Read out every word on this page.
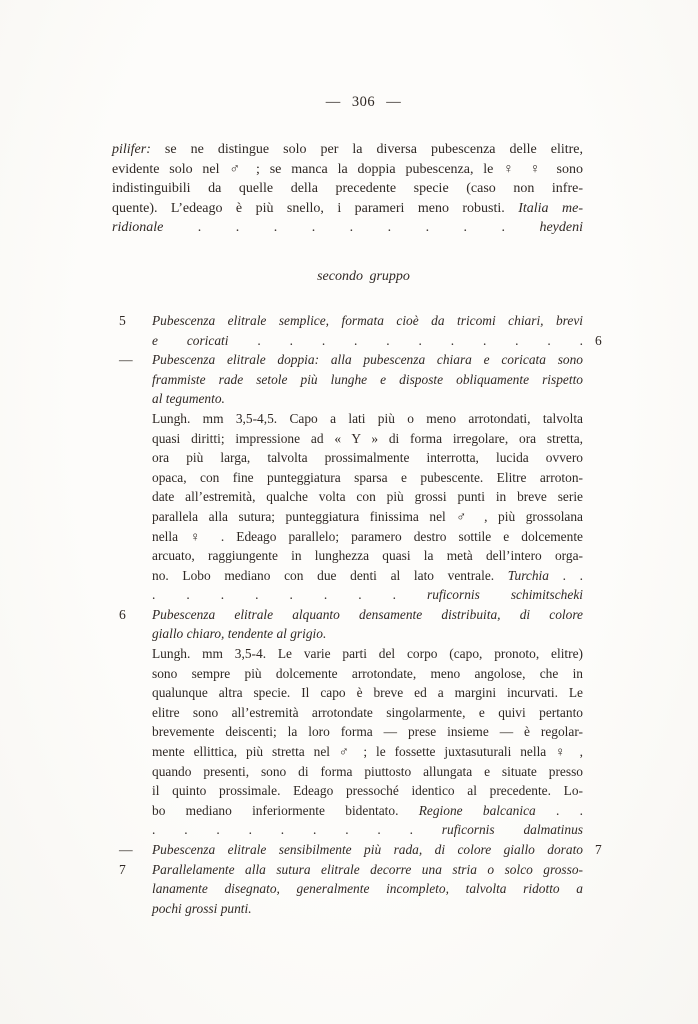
— 306 —
pilifer: se ne distingue solo per la diversa pubescenza delle elitre,
evidente solo nel ♂ ; se manca la doppia pubescenza, le ♀ ♀ sono
indistinguibili da quelle della precedente specie (caso non infre-
quente). L’edeago è più snello, i parameri meno robusti. Italia me-
ridionale . . . . . . . . . heydeni
secondo gruppo
5	Pubescenza elitrale semplice, formata cioè da tricomi chiari, brevi
e coricati . . . . . . . . . . . 6
—	Pubescenza elitrale doppia: alla pubescenza chiara e coricata sono
frammiste rade setole più lunghe e disposte obliquamente rispetto
al tegumento.
Lungh. mm 3,5-4,5. Capo a lati più o meno arrotondati, talvolta
quasi diritti; impressione ad « Y » di forma irregolare, ora stretta,
ora più larga, talvolta prossimalmente interrotta, lucida ovvero
opaca, con fine punteggiatura sparsa e pubescente. Elitre arroton-
date all’estremità, qualche volta con più grossi punti in breve serie
parallela alla sutura; punteggiatura finissima nel ♂ , più grossolana
nella ♀ . Edeago parallelo; paramero destro sottile e dolcemente
arcuato, raggiungente in lunghezza quasi la metà dell’intero orga-
no. Lobo mediano con due denti al lato ventrale. Turchia . .
. . . . . . . . ruficornis schimitscheki
6	Pubescenza elitrale alquanto densamente distribuita, di colore
giallo chiaro, tendente al grigio.
Lungh. mm 3,5-4. Le varie parti del corpo (capo, pronoto, elitre)
sono sempre più dolcemente arrotondate, meno angolose, che in
qualunque altra specie. Il capo è breve ed a margini incurvati. Le
elitre sono all’estremità arrotondate singolarmente, e quivi pertanto
brevemente deiscenti; la loro forma — prese insieme — è regolar-
mente ellittica, più stretta nel ♂ ; le fossette juxtasuturali nella ♀ ,
quando presenti, sono di forma piuttosto allungata e situate presso
il quinto prossimale. Edeago pressoché identico al precedente. Lo-
bo mediano inferiormente bidentato. Regione balcanica . .
. . . . . . . . . ruficornis dalmatinus
—	Pubescenza elitrale sensibilmente più rada, di colore giallo dorato 7
7	Parallelamente alla sutura elitrale decorre una stria o solco grosso-
lanamente disegnato, generalmente incompleto, talvolta ridotto a
pochi grossi punti.
